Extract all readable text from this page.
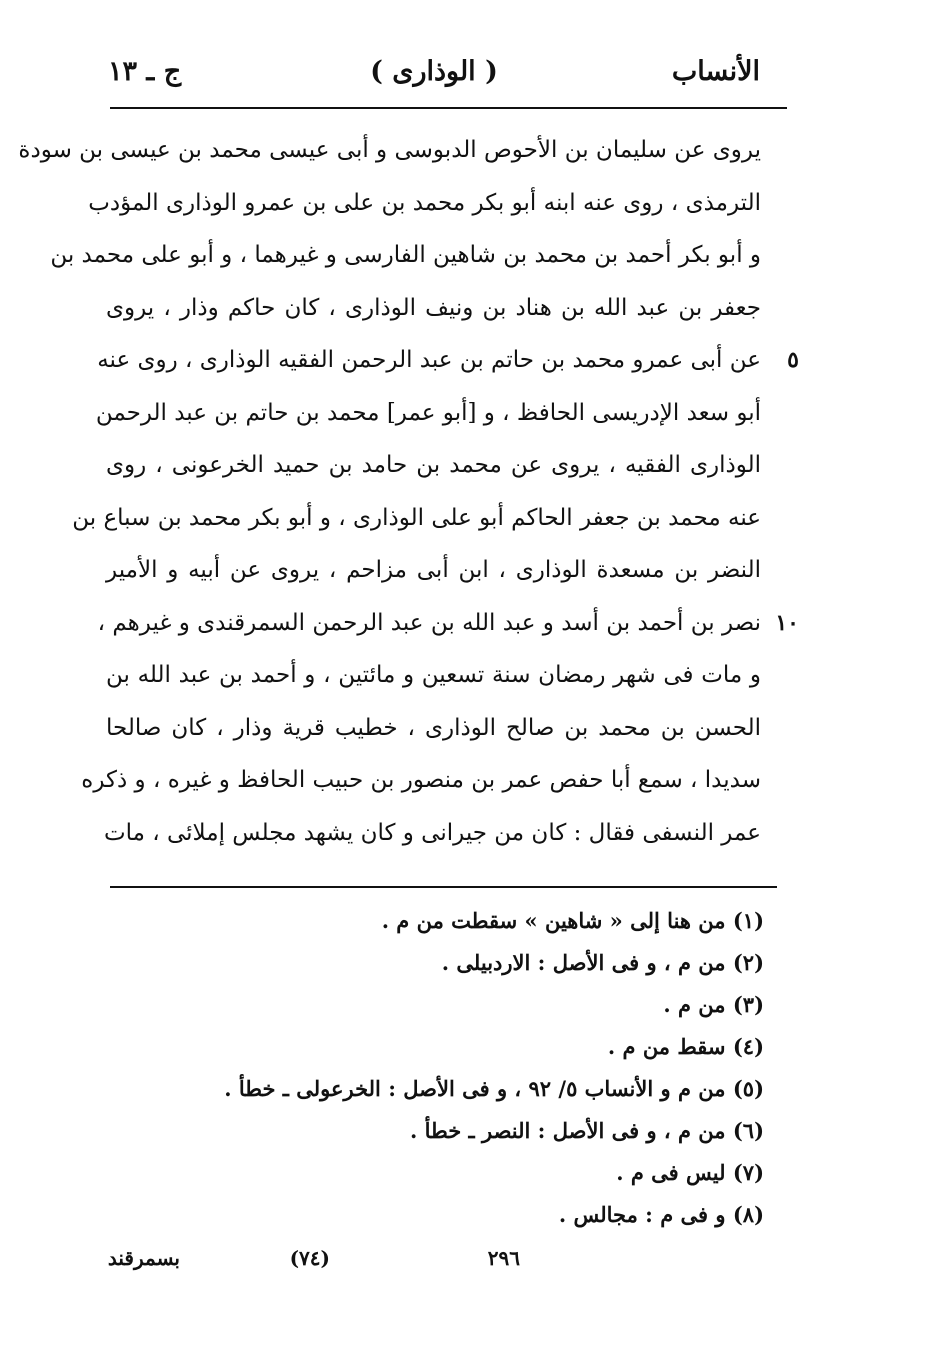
الأنساب
( الوذارى )
ج ـ ١٣
يروى عن سليمان بن الأحوص الدبوسى و أبى عيسى محمد بن عيسى بن سودة
الترمذى ، روى عنه ابنه أبو بكر محمد بن على بن عمرو الوذارى المؤدب
و أبو بكر أحمد بن محمد بن شاهين الفارسى و غيرهما ، و أبو على محمد بن
جعفر بن عبد الله بن هناد بن ونيف الوذارى ، كان حاكم وذار ، يروى
٥
عن أبى عمرو محمد بن حاتم بن عبد الرحمن الفقيه الوذارى ، روى عنه
أبو سعد الإدريسى الحافظ ، و [أبو عمر] محمد بن حاتم بن عبد الرحمن
الوذارى الفقيه ، يروى عن محمد بن حامد بن حميد الخرعونى ، روى
عنه محمد بن جعفر الحاكم أبو على الوذارى ، و أبو بكر محمد بن سباع بن
النضر بن مسعدة الوذارى ، ابن أبى مزاحم ، يروى عن أبيه و الأمير
١٠
نصر بن أحمد بن أسد و عبد الله بن عبد الرحمن السمرقندى و غيرهم ،
و مات فى شهر رمضان سنة تسعين و مائتين ، و أحمد بن عبد الله بن
الحسن بن محمد بن صالح الوذارى ، خطيب قرية وذار ، كان صالحا
سديدا ، سمع أبا حفص عمر بن منصور بن حبيب الحافظ و غيره ، و ذكره
عمر النسفى فقال : كان من جيرانى و كان يشهد مجلس إملائى ، مات
(١) من هنا إلى « شاهين » سقطت من م .
(٢) من م ، و فى الأصل : الاردبيلى .
(٣) من م .
(٤) سقط من م .
(٥) من م و الأنساب ٥/ ٩٢ ، و فى الأصل : الخرعولى ـ خطأ .
(٦) من م ، و فى الأصل : النصر ـ خطأ .
(٧) ليس فى م .
(٨) و فى م : مجالس .
٢٩٦
(٧٤)
بسمرقند
